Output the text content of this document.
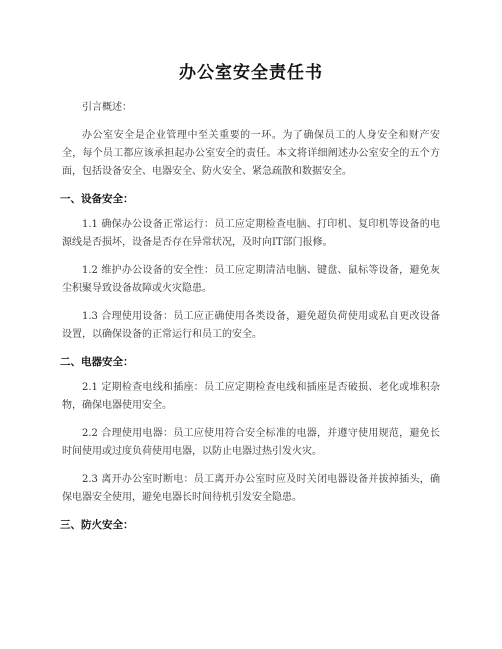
办公室安全责任书
引言概述：

办公室安全是企业管理中至关重要的一环。为了确保员工的人身安全和财产安全，每个员工都应该承担起办公室安全的责任。本文将详细阐述办公室安全的五个方面，包括设备安全、电器安全、防火安全、紧急疏散和数据安全。

一、设备安全：

1.1 确保办公设备正常运行：员工应定期检查电脑、打印机、复印机等设备的电源线是否损坏，设备是否存在异常状况，及时向IT部门报修。

1.2 维护办公设备的安全性：员工应定期清洁电脑、键盘、鼠标等设备，避免灰尘积聚导致设备故障或火灾隐患。

1.3 合理使用设备：员工应正确使用各类设备，避免超负荷使用或私自更改设备设置，以确保设备的正常运行和员工的安全。

二、电器安全：

2.1 定期检查电线和插座：员工应定期检查电线和插座是否破损、老化或堆积杂物，确保电器使用安全。

2.2 合理使用电器：员工应使用符合安全标准的电器，并遵守使用规范，避免长时间使用或过度负荷使用电器，以防止电器过热引发火灾。

2.3 离开办公室时断电：员工离开办公室时应及时关闭电器设备并拔掉插头，确保电器安全使用，避免电器长时间待机引发安全隐患。

三、防火安全：
